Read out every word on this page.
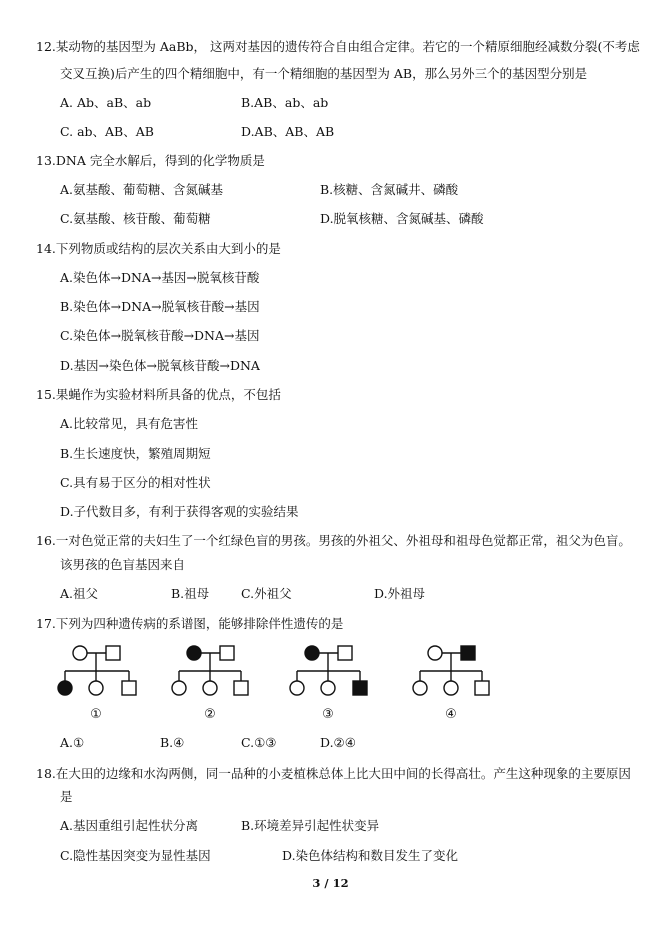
12.某动物的基因型为 AaBb， 这两对基因的遗传符合自由组合定律。若它的一个精原细胞经减数分裂(不考虑
交叉互换)后产生的四个精细胞中，有一个精细胞的基因型为 AB，那么另外三个的基因型分别是
A. Ab、aB、ab	B.AB、ab、ab
C. ab、AB、AB	D.AB、AB、AB
13.DNA 完全水解后，得到的化学物质是
A.氨基酸、葡萄糖、含氮碱基	B.核糖、含氮碱井、磷酸
C.氨基酸、核苷酸、葡萄糖	D.脱氧核糖、含氮碱基、磷酸
14.下列物质或结构的层次关系由大到小的是
A.染色体→DNA→基因→脱氧核苷酸
B.染色体→DNA→脱氧核苷酸→基因
C.染色体→脱氧核苷酸→DNA→基因
D.基因→染色体→脱氧核苷酸→DNA
15.果蝇作为实验材料所具备的优点，不包括
A.比较常见，具有危害性
B.生长速度快，繁殖周期短
C.具有易于区分的相对性状
D.子代数目多，有利于获得客观的实验结果
16.一对色觉正常的夫妇生了一个红绿色盲的男孩。男孩的外祖父、外祖母和祖母色觉都正常，祖父为色盲。
该男孩的色盲基因来自
A.祖父	B.祖母	C.外祖父	D.外祖母
17.下列为四种遗传病的系谱图，能够排除伴性遗传的是
①	②	③	④
A.①	B.④	C.①③	D.②④
18.在大田的边缘和水沟两侧，同一品种的小麦植株总体上比大田中间的长得高壮。产生这种现象的主要原因
是
A.基因重组引起性状分离	B.环境差异引起性状变异
C.隐性基因突变为显性基因	D.染色体结构和数目发生了变化
3 / 12
